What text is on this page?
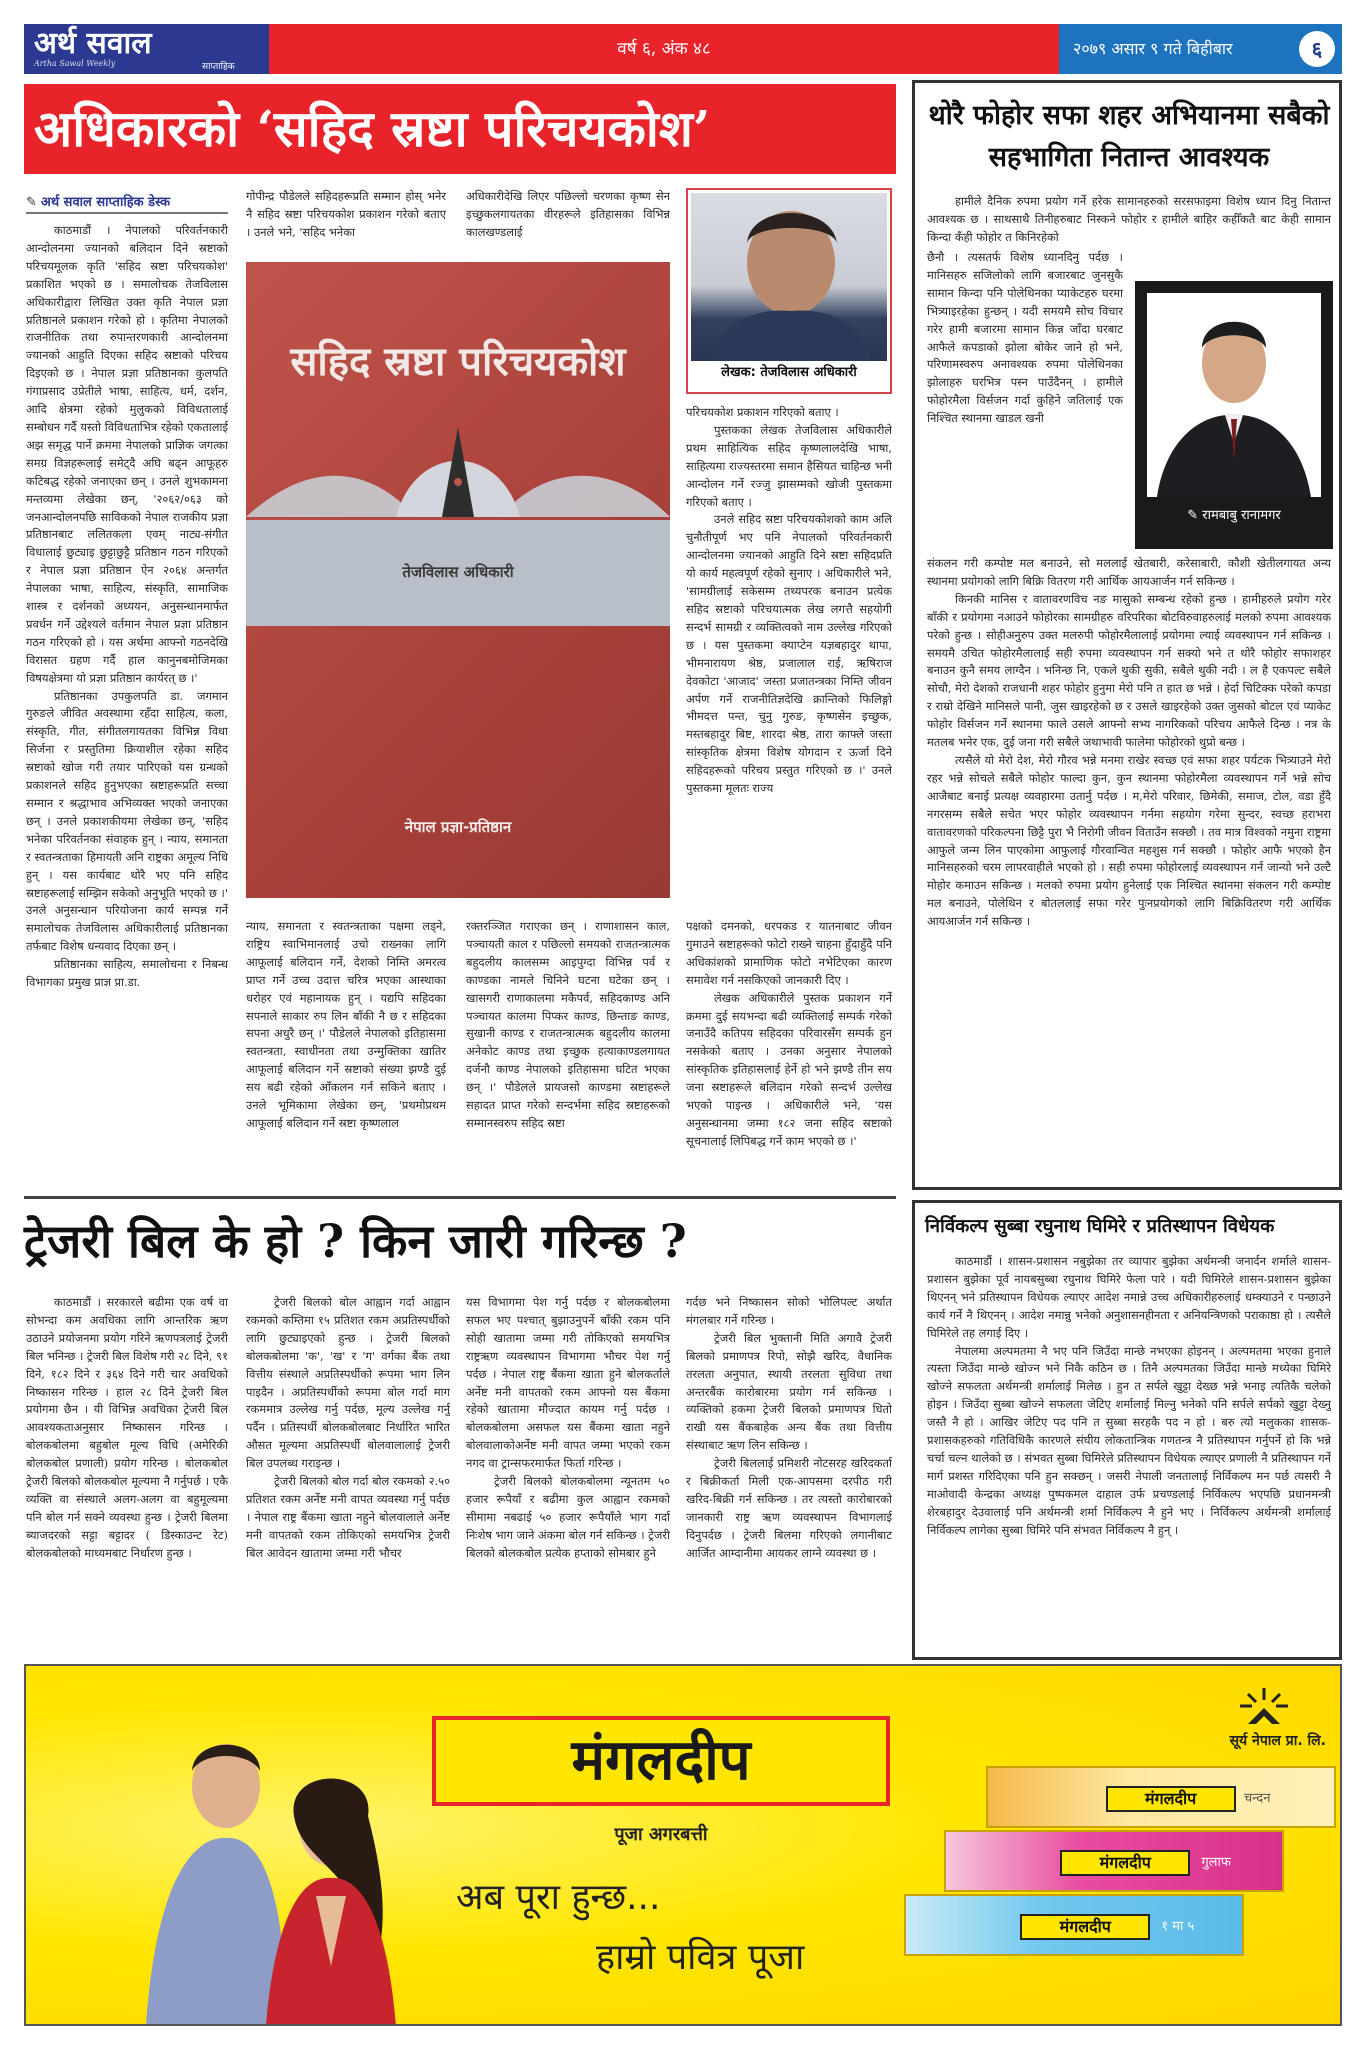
अर्थ सवाल
Artha Sawal Weekly	साप्ताहिक
वर्ष ६, अंक ४८	२०७९ असार ९ गते बिहीबार	६
अधिकारको ‘सहिद स्रष्टा परिचयकोश’
✎ अर्थ सवाल साप्ताहिक डेस्क

काठमाडौं । नेपालको परिवर्तनकारी आन्दोलनमा ज्यानको बलिदान दिने स्रष्टाको परिचयमूलक कृति 'सहिद स्रष्टा परिचयकोश' प्रकाशित भएको छ । समालोचक तेजविलास अधिकारीद्वारा लिखित उक्त कृति नेपाल प्रज्ञा प्रतिष्ठानले प्रकाशन गरेको हो । कृतिमा नेपालको राजनीतिक तथा रुपान्तरणकारी आन्दोलनमा ज्यानको आहुति दिएका सहिद स्रष्टाको परिचय दिइएको छ । नेपाल प्रज्ञा प्रतिष्ठानका कुलपति गंगाप्रसाद उप्रेतीले भाषा, साहित्य, धर्म, दर्शन, आदि क्षेत्रमा रहेको मुलुकको विविधतालाई सम्बोधन गर्दै यस्तो विविधताभित्र रहेको एकतालाई अझ समृद्ध पार्ने क्रममा नेपालको प्राज्ञिक जगत्का समग्र विज्ञहरूलाई समेट्दै अघि बढ्न आफूहरु कटिबद्ध रहेको जनाएका छन् । उनले शुभकामना मन्तव्यमा लेखेका छन्, '२०६२/०६३ को जनआन्दोलनपछि साविकको नेपाल राजकीय प्रज्ञा प्रतिष्ठानबाट ललितकला एवम् नाट्य-संगीत विधालाई छुट्याइ छुट्टाछुट्टै प्रतिष्ठान गठन गरिएको र नेपाल प्रज्ञा प्रतिष्ठान ऐन २०६४ अन्तर्गत नेपालका भाषा, साहित्य, संस्कृति, सामाजिक शास्त्र र दर्शनको अध्ययन, अनुसन्धानमार्फत प्रवर्धन गर्ने उद्देश्यले वर्तमान नेपाल प्रज्ञा प्रतिष्ठान गठन गरिएको हो । यस अर्थमा आफ्नो गठनदेखि विरासत ग्रहण गर्दै हाल कानुनबमोजिमका विषयक्षेत्रमा यो प्रज्ञा प्रतिष्ठान कार्यरत् छ ।'

प्रतिष्ठानका उपकुलपति डा. जगमान गुरुङले जीवित अवस्थामा रहँदा साहित्य, कला, संस्कृति, गीत, संगीतलगायतका विभिन्न विधा सिर्जना र प्रस्तुतिमा क्रियाशील रहेका सहिद स्रष्टाको खोज गरी तयार पारिएको यस ग्रन्थको प्रकाशनले सहिद हुनुभएका स्रष्टाहरूप्रति सच्चा सम्मान र श्रद्धाभाव अभिव्यक्त भएको जनाएका छन् । उनले प्रकाशकीयमा लेखेका छन्, 'सहिद भनेका परिवर्तनका संवाहक हुन् । न्याय, समानता र स्वतन्त्रताका हिमायती अनि राष्ट्रका अमूल्य निधि हुन् । यस कार्यबाट थोरै भए पनि सहिद स्रष्टाहरूलाई सम्झिन सकेको अनुभूति भएको छ ।' उनले अनुसन्धान परियोजना कार्य सम्पन्न गर्ने समालोचक तेजविलास अधिकारीलाई प्रतिष्ठानका तर्फबाट विशेष धन्यवाद दिएका छन् ।

प्रतिष्ठानका साहित्य, समालोचना र निबन्ध विभागका प्रमुख प्राज्ञ प्रा.डा.

गोपीन्द्र पौडेलले सहिदहरूप्रति सम्मान होस् भनेर नै सहिद स्रष्टा परिचयकोश प्रकाशन गरेको बताए । उनले भने, 'सहिद भनेका

अधिकारीदेखि लिएर पछिल्लो चरणका कृष्ण सेन इच्छुकलगायतका वीरहरूले इतिहासका विभिन्न कालखण्डलाई

सहिद स्रष्टा परिचयकोश
तेजविलास अधिकारी
नेपाल प्रज्ञा-प्रतिष्ठान

न्याय, समानता र स्वतन्त्रताका पक्षमा लड्ने, राष्ट्रिय स्वाभिमानलाई उचो राख्नका लागि आफूलाई बलिदान गर्ने, देशको निम्ति अमरत्व प्राप्त गर्ने उच्च उदात्त चरित्र भएका आस्थाका धरोहर एवं महानायक हुन् । यद्यपि सहिदका सपनाले साकार रुप लिन बाँकी नै छ र सहिदका सपना अधुरै छन् ।' पौडेलले नेपालको इतिहासमा स्वतन्त्रता, स्वाधीनता तथा उन्मुक्तिका खातिर आफूलाई बलिदान गर्ने स्रष्टाको संख्या झण्डै दुई सय बढी रहेको आँकलन गर्न सकिने बताए । उनले भूमिकामा लेखेका छन्, 'प्रथमोप्रथम आफूलाई बलिदान गर्ने स्रष्टा कृष्णलाल

रक्तरञ्जित गराएका छन् । राणाशासन काल, पञ्चायती काल र पछिल्लो समयको राजतन्त्रात्मक बहुदलीय कालसम्म आइपुग्दा विभिन्न पर्व र काण्डका नामले चिनिने घटना घटेका छन् । खासगरी राणाकालमा मकैपर्व, सहिदकाण्ड अनि पञ्चायत कालमा पिप्कर काण्ड, छिन्ताङ काण्ड, सुखानी काण्ड र राजतन्त्रात्मक बहुदलीय कालमा अनेकोट काण्ड तथा इच्छुक हत्याकाण्डलगायत दर्जनौ काण्ड नेपालको इतिहासमा घटित भएका छन् ।' पौडेलले प्रायजसो काण्डमा स्रष्टाहरूले सहादत प्राप्त गरेको सन्दर्भमा सहिद स्रष्टाहरूको सम्मानस्वरुप सहिद स्रष्टा

लेखक: तेजविलास अधिकारी

परिचयकोश प्रकाशन गरिएको बताए ।

पुस्तकका लेखक तेजविलास अधिकारीले प्रथम साहित्यिक सहिद कृष्णलालदेखि भाषा, साहित्यमा राज्यस्तरमा समान हैसियत चाहिन्छ भनी आन्दोलन गर्ने रज्जु झासम्मको खोजी पुस्तकमा गरिएको बताए ।

उनले सहिद स्रष्टा परिचयकोशको काम अलि चुनौतीपूर्ण भए पनि नेपालको परिवर्तनकारी आन्दोलनमा ज्यानको आहुति दिने स्रष्टा सहिदप्रति यो कार्य महत्वपूर्ण रहेको सुनाए । अधिकारीले भने, 'सामग्रीलाई सकेसम्म तथ्यपरक बनाउन प्रत्येक सहिद स्रष्टाको परिचयात्मक लेख लगत्तै सहयोगी सन्दर्भ सामग्री र व्यक्तित्वको नाम उल्लेख गरिएको छ । यस पुस्तकमा क्याप्टेन यज्ञबहादुर थापा, भीमनारायण श्रेष्ठ, प्रजालाल राई, ऋषिराज देवकोटा 'आजाद' जस्ता प्रजातन्त्रका निम्ति जीवन अर्पण गर्ने राजनीतिज्ञदेखि क्रान्तिको फिलिङ्गो भीमदत्त पन्त, चुनु गुरुङ, कृष्णसेन इच्छुक, मस्तबहादुर बिष्ट, शारदा श्रेष्ठ, तारा काफ्ले जस्ता सांस्कृतिक क्षेत्रमा विशेष योगदान र ऊर्जा दिने सहिदहरूको परिचय प्रस्तुत गरिएको छ ।' उनले पुस्तकमा मूलतः राज्य

पक्षको दमनको, धरपकड र यातनाबाट जीवन गुमाउने स्रष्टाहरूको फोटो राख्ने चाहना हुँदाहुँदै पनि अधिकांशको प्रामाणिक फोटो नभेटिएका कारण समावेश गर्न नसकिएको जानकारी दिए ।

लेखक अधिकारीले पुस्तक प्रकाशन गर्ने क्रममा दुई सयभन्दा बढी व्यक्तिलाई सम्पर्क गरेको जनाउँदै कतिपय सहिदका परिवारसँग सम्पर्क हुन नसकेको बताए । उनका अनुसार नेपालको सांस्कृतिक इतिहासलाई हेर्ने हो भने झण्डै तीन सय जना स्रष्टाहरूले बलिदान गरेको सन्दर्भ उल्लेख भएको पाइन्छ । अधिकारीले भने, 'यस अनुसन्धानमा जम्मा १८२ जना सहिद स्रष्टाको सूचनालाई लिपिबद्ध गर्ने काम भएको छ ।'

थोरै फोहोर सफा शहर अभियानमा सबैको सहभागिता नितान्त आवश्यक

हामीले दैनिक रुपमा प्रयोग गर्ने हरेक सामानहरुको सरसफाइमा विशेष ध्यान दिनु नितान्त आवश्यक छ । साथसाथै तिनीहरुबाट निस्कने फोहोर र हामीले बाहिर कहीँकतै बाट केही सामान किन्दा कँही फोहोर त किनिरहेको

छैनौ । त्यसतर्फ विशेष ध्यानदिनु पर्दछ । मानिसहरु सजिलोको लागि बजारबाट जुनसुकै सामान किन्दा पनि पोलेथिनका प्याकेटहरु घरमा भित्र्याइरहेका हुन्छन् । यदी समयमै सोच विचार गरेर हामी बजारमा सामान किन्न जाँदा घरबाट आफैले कपडाको झोला बोकेर जाने हो भने, परिणामस्वरुप अनावश्यक रुपमा पोलेथिनका झोलाहरु घरभित्र पस्न पाउँदैनन् । हामीले फोहोरमैला विर्सजन गर्दा कुहिने जतिलाई एक निश्चित स्थानमा खाडल खनी

✎ रामबाबु रानामगर

संकलन गरी कम्पोष्ट मल बनाउने, सो मललाई खेतबारी, करेसाबारी, कौशी खेतीलगायत अन्य स्थानमा प्रयोगको लागि बिक्रि वितरण गरी आर्थिक आयआर्जन गर्न सकिन्छ ।

किनकी मानिस र वातावरणविच नङ मासुको सम्बन्ध रहेको हुन्छ । हामीहरुले प्रयोग गरेर बाँकी र प्रयोगमा नआउने फोहोरका सामग्रीहरु वरिपरिका बोटविरुवाहरुलाई मलको रुपमा आवश्यक परेको हुन्छ । सोहीअनुरुप उक्त मलरुपी फोहोरमैलालाई प्रयोगमा ल्याई व्यवस्थापन गर्न सकिन्छ । समयमै उचित फोहोरमैलालाई सही रुपमा व्यवस्थापन गर्न सक्यो भने त थोरै फोहोर सफाशहर बनाउन कुनै समय लाग्दैन । भनिन्छ नि, एकले थुकी सुकी, सबैले थुकी नदी । ल है एकपल्ट सबैले सोचौ, मेरो देशको राजधानी शहर फोहोर हुनुमा मेरो पनि त हात छ भन्ने । हेर्दा चिटिक्क परेको कपडा र राम्रो देखिने मानिसले पानी, जुस खाइरहेको छ र उसले खाइरहेको उक्त जुसको बोटल एवं प्याकेट फोहोर विर्सजन गर्ने स्थानमा फाले उसले आफ्नो सभ्य नागरिकको परिचय आफैले दिन्छ । नत्र के मतलब भनेर एक, दुई जना गरी सबैले जथाभावी फालेमा फोहोरको थुप्रो बन्छ ।

त्यसैले यो मेरो देश, मेरो गौरव भन्ने मनमा राखेर स्वच्छ एवं सफा शहर पर्यटक भित्र्याउने मेरो रहर भन्ने सोचले सबैले फोहोर फाल्दा कुन, कुन स्थानमा फोहोरमैला व्यवस्थापन गर्ने भन्ने सोच आजैबाट बनाई प्रत्यक्ष व्यवहारमा उतार्नु पर्दछ । म,मेरो परिवार, छिमेकी, समाज, टोल, वडा हुँदै नगरसम्म सबैले सचेत भएर फोहोर व्यवस्थापन गर्नमा सहयोग गरेमा सुन्दर, स्वच्छ हराभरा वातावरणको परिकल्पना छिट्टै पुरा भै निरोगी जीवन विताउँन सक्छौ । तव मात्र विश्वको नमुना राष्ट्रमा आफुले जन्म लिन पाएकोमा आफुलाई गौरवान्वित महशुस गर्न सक्छौ । फोहोर आफै भएको हैन मानिसहरुको चरम लापरवाहीले भएको हो । सही रुपमा फोहोरलाई व्यवस्थापन गर्न जान्यो भने उल्टै मोहोर कमाउन सकिन्छ । मलको रुपमा प्रयोग हुनेलाई एक निश्चित स्थानमा संकलन गरी कम्पोष्ट मल बनाउने, पोलेथिन र बोतललाई सफा गरेर पुःनप्रयोगको लागि बिक्रिवितरण गरी आर्थिक आयआर्जन गर्न सकिन्छ ।

ट्रेजरी बिल के हो ? किन जारी गरिन्छ ?

काठमाडौं । सरकारले बढीमा एक वर्ष वा सोभन्दा कम अवधिका लागि आन्तरिक ऋण उठाउने प्रयोजनमा प्रयोग गरिने ऋणपत्रलाई ट्रेजरी बिल भनिन्छ । ट्रेजरी बिल विशेष गरी २८ दिने, ९१ दिने, १८२ दिने र ३६४ दिने गरी चार अवधिको निष्कासन गरिन्छ । हाल २८ दिने ट्रेजरी बिल प्रयोगमा छैन । यी विभिन्न अवधिका ट्रेजरी बिल आवश्यकताअनुसार निष्कासन गरिन्छ । बोलकबोलमा बहुबोल मूल्य विधि (अमेरिकी बोलकबोल प्रणाली) प्रयोग गरिन्छ । बोलकबोल ट्रेजरी बिलको बोलकबोल मूल्यमा नै गर्नुपर्छ । एकै व्यक्ति वा संस्थाले अलग-अलग वा बहुमूल्यमा पनि बोल गर्न सक्ने व्यवस्था हुन्छ । ट्रेजरी बिलमा ब्याजदरको सट्टा बट्टादर ( डिस्काउन्ट रेट) बोलकबोलको माध्यमबाट निर्धारण हुन्छ ।

ट्रेजरी बिलको बोल आह्वान गर्दा आह्वान रकमको कम्तिमा १५ प्रतिशत रकम अप्रतिस्पर्धीको लागि छुट्याइएको हुन्छ । ट्रेजरी बिलको बोलकबोलमा 'क', 'ख' र 'ग' वर्गका बैंक तथा वित्तीय संस्थाले अप्रतिस्पर्धीको रूपमा भाग लिन पाइदैन । अप्रतिस्पर्धीको रूपमा बोल गर्दा माग रकममात्र उल्लेख गर्नु पर्दछ, मूल्य उल्लेख गर्नु पर्दैन । प्रतिस्पर्धी बोलकबोलबाट निर्धारित भारित औसत मूल्यमा अप्रतिस्पर्धी बोलवालालाई ट्रेजरी बिल उपलब्ध गराइन्छ ।

ट्रेजरी बिलको बोल गर्दा बोल रकमको २.५० प्रतिशत रकम अर्नेष्ट मनी वापत व्यवस्था गर्नु पर्दछ । नेपाल राष्ट्र बैंकमा खाता नहुने बोलवालाले अर्नेष्ट मनी वापतको रकम तोकिएको समयभित्र ट्रेजरी बिल आवेदन खातामा जम्मा गरी भौचर

यस विभागमा पेश गर्नु पर्दछ र बोलकबोलमा सफल भए पश्चात् बुझाउनुपर्ने बाँकी रकम पनि सोही खातामा जम्मा गरी तोकिएको समयभित्र राष्ट्रऋण व्यवस्थापन विभागमा भौचर पेश गर्नु पर्दछ । नेपाल राष्ट्र बैंकमा खाता हुने बोलकर्ताले अर्नेष्ट मनी वापतको रकम आफ्नो यस बैंकमा रहेको खातामा मौज्दात कायम गर्नु पर्दछ । बोलकबोलमा असफल यस बैंकमा खाता नहुने बोलवालाकोअर्नेष्ट मनी वापत जम्मा भएको रकम नगद वा ट्रान्सफरमार्फत फिर्ता गरिन्छ ।

ट्रेजरी बिलको बोलकबोलमा न्यूनतम ५० हजार रूपैयाँ र बढीमा कुल आह्वान रकमको सीमामा नबढाई ५० हजार रूपैयाँले भाग गर्दा निःशेष भाग जाने अंकमा बोल गर्न सकिन्छ । ट्रेजरी बिलको बोलकबोल प्रत्येक हप्ताको सोमबार हुने

गर्दछ भने निष्कासन सोको भोलिपल्ट अर्थात मंगलबार गर्ने गरिन्छ ।

ट्रेजरी बिल भुक्तानी मिति अगावै ट्रेजरी बिलको प्रमाणपत्र रिपो, सोझै खरिद, वैधानिक तरलता अनुपात, स्थायी तरलता सुविधा तथा अन्तरबैंक कारोबारमा प्रयोग गर्न सकिन्छ । व्यक्तिको हकमा ट्रेजरी बिलको प्रमाणपत्र धितो राखी यस बैंकबाहेक अन्य बैंक तथा वित्तीय संस्थाबाट ऋण लिन सकिन्छ ।

ट्रेजरी बिललाई प्रमिशरी नोटसरह खरिदकर्ता र बिक्रीकर्ता मिली एक-आपसमा दरपीठ गरी खरिद-बिक्री गर्न सकिन्छ । तर त्यस्तो कारोबारको जानकारी राष्ट्र ऋण व्यवस्थापन विभागलाई दिनुपर्दछ । ट्रेजरी बिलमा गरिएको लगानीबाट आर्जित आम्दानीमा आयकर लाग्ने व्यवस्था छ ।

निर्विकल्प सुब्बा रघुनाथ घिमिरे र प्रतिस्थापन विधेयक

काठमाडौं । शासन-प्रशासन नबुझेका तर व्यापार बुझेका अर्थमन्त्री जनार्दन शर्माले शासन-प्रशासन बुझेका पूर्व नायबसुब्बा रघुनाथ घिमिरे फेला पारे । यदी घिमिरेले शासन-प्रशासन बुझेका थिएनन् भने प्रतिस्थापन विधेयक ल्याएर आदेश नमान्ने उच्च अधिकारीहरुलाई धम्क्याउने र पन्छाउने कार्य गर्ने नै थिएनन् । आदेश नमान्नु भनेको अनुशासनहीनता र अनियन्त्रिणको पराकाष्ठा हो । त्यसैले घिमिरेले तह लगाई दिए ।

नेपालमा अल्पमतमा नै भए पनि जिउँदा मान्छे नभएका होइनन् । अल्पमतमा भएका हुनाले त्यस्ता जिउँदा मान्छे खोज्न भने निकै कठिन छ । तिनै अल्पमतका जिउँदा मान्छे मध्येका घिमिरे खोज्ने सफलता अर्थमन्त्री शर्मालाई मिलेछ । हुन त सर्पले खुट्टा देख्छ भन्ने भनाइ त्यतिकै चलेको होइन । जिउँदा सुब्बा खोज्ने सफलता जेटिए शर्मालाई मिल्नु भनेको पनि सर्पले सर्पको खुट्टा देख्नु जस्तै नै हो । आखिर जेटिए पद पनि त सुब्बा सरहकै पद न हो । बरु त्यो मलुकका शासक-प्रशासकहरुको गतिविधिकै कारणले संघीय लोकतान्त्रिक गणतन्त्र नै प्रतिस्थापन गर्नुपर्ने हो कि भन्ने चर्चा चल्न थालेको छ । संभवत सुब्बा घिमिरेले प्रतिस्थापन विधेयक ल्याएर प्रणाली नै प्रतिस्थापन गर्ने मार्ग प्रशस्त गरिदिएका पनि हुन सक्छन् । जसरी नेपाली जनतालाई निर्विकल्प मन पर्छ त्यसरी नै माओवादी केन्द्रका अध्यक्ष पुष्पकमल दाहाल उर्फ प्रचण्डलाई निर्विकल्प भएपछि प्रधानमन्त्री शेरबहादुर देउवालाई पनि अर्थमन्त्री शर्मा निर्विकल्प नै हुने भए । निर्विकल्प अर्थमन्त्री शर्मालाई निर्विकल्प लागेका सुब्बा घिमिरे पनि संभवत निर्विकल्प नै हुन् ।

मंगलदीप
पूजा अगरबत्ती
अब पूरा हुन्छ...
हाम्रो पवित्र पूजा
सूर्य नेपाल प्रा. लि.
मंगलदीप	चन्दन
मंगलदीप	गुलाफ
मंगलदीप	१ मा ५
